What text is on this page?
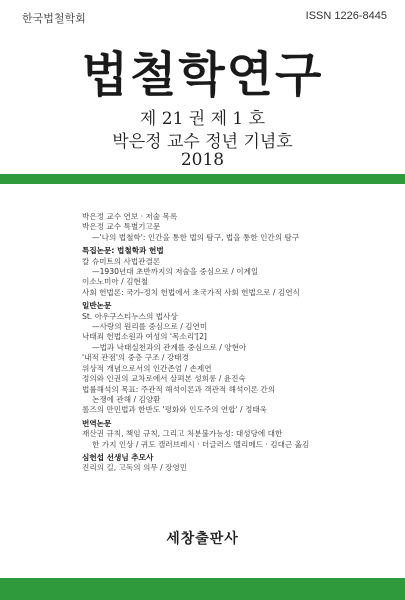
한국법철학회	ISSN 1226-8445
법철학연구
제 21 권 제 1 호
박은정 교수 정년 기념호
2018
박은정 교수 연보 · 저술 목록
박은정 교수 특별기고문
—'나의 법철학': 인간을 통한 법의 탐구, 법을 통한 인간의 탐구
특집논문: 법철학과 헌법
칼 슈미트의 사법관결론
—1930년대 초반까지의 저술을 중심으로 / 이계일
이소노미아 / 김현철
사회 헌법론: 국가-정치 헌법에서 초국가적 사회 헌법으로 / 김연식
일반논문
St. 아우구스티누스의 법사상
—사랑의 원리를 중심으로 / 김연미
낙태죄 헌법소원과 여성의 '목소리'[2]
—법과 낙태실천과의 관계를 중심으로 / 양현아
'내적 관점'의 중층 구조 / 강태경
위상적 개념으로서의 인간존엄 / 손제연
정의와 인권의 교차로에서 살펴본 성희롱 / 윤진숙
법률해석의 목표: 주관적 해석이론과 객관적 해석이론 간의
논쟁에 관해 / 김양환
롤즈의 만민법과 한반도 '평화와 인도주의 연합' / 정태욱
번역논문
재산권 규칙, 책임 규칙, 그리고 처분불가능성: 대성당에 대한
한 가지 인상 / 귀도 캘러브레시 · 더글러스 멜리메드 · 김대근 옮김
심헌섭 선생님 추모사
진리의 길, 고독의 의무 / 장영민
세창출판사
